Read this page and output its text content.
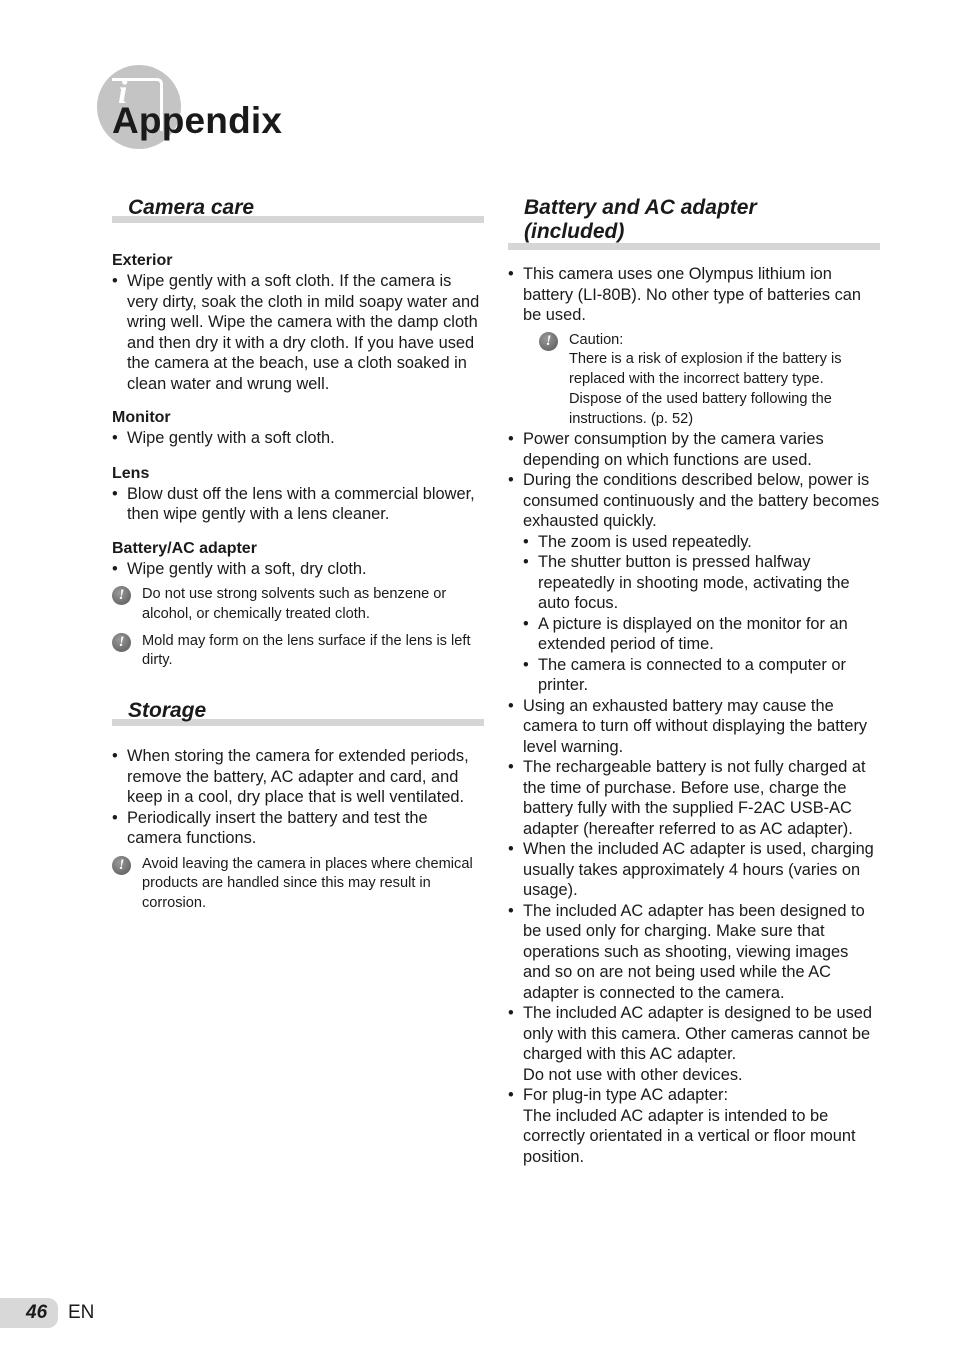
i
Appendix
Camera care

Exterior

• Wipe gently with a soft cloth. If the camera is very dirty, soak the cloth in mild soapy water and wring well. Wipe the camera with the damp cloth and then dry it with a dry cloth. If you have used the camera at the beach, use a cloth soaked in clean water and wrung well.

Monitor

• Wipe gently with a soft cloth.

Lens

• Blow dust off the lens with a commercial blower, then wipe gently with a lens cleaner.

Battery/AC adapter

• Wipe gently with a soft, dry cloth.
!	Do not use strong solvents such as benzene or alcohol, or chemically treated cloth.
!	Mold may form on the lens surface if the lens is left dirty.
Storage
• When storing the camera for extended periods, remove the battery, AC adapter and card, and keep in a cool, dry place that is well ventilated.
• Periodically insert the battery and test the camera functions.
!	Avoid leaving the camera in places where chemical products are handled since this may result in corrosion.
Battery and AC adapter
(included)
• This camera uses one Olympus lithium ion battery (LI-80B). No other type of batteries can be used.
!	Caution:
There is a risk of explosion if the battery is replaced with the incorrect battery type. Dispose of the used battery following the instructions. (p. 52)
• Power consumption by the camera varies depending on which functions are used.
• During the conditions described below, power is consumed continuously and the battery becomes exhausted quickly.
• The zoom is used repeatedly.
• The shutter button is pressed halfway repeatedly in shooting mode, activating the auto focus.
• A picture is displayed on the monitor for an extended period of time.
• The camera is connected to a computer or printer.
• Using an exhausted battery may cause the camera to turn off without displaying the battery level warning.
• The rechargeable battery is not fully charged at the time of purchase. Before use, charge the battery fully with the supplied F-2AC USB-AC adapter (hereafter referred to as AC adapter).
• When the included AC adapter is used, charging usually takes approximately 4 hours (varies on usage).
• The included AC adapter has been designed to be used only for charging. Make sure that operations such as shooting, viewing images and so on are not being used while the AC adapter is connected to the camera.
• The included AC adapter is designed to be used only with this camera. Other cameras cannot be charged with this AC adapter.
Do not use with other devices.
• For plug-in type AC adapter:
The included AC adapter is intended to be correctly orientated in a vertical or floor mount position.
46 EN
